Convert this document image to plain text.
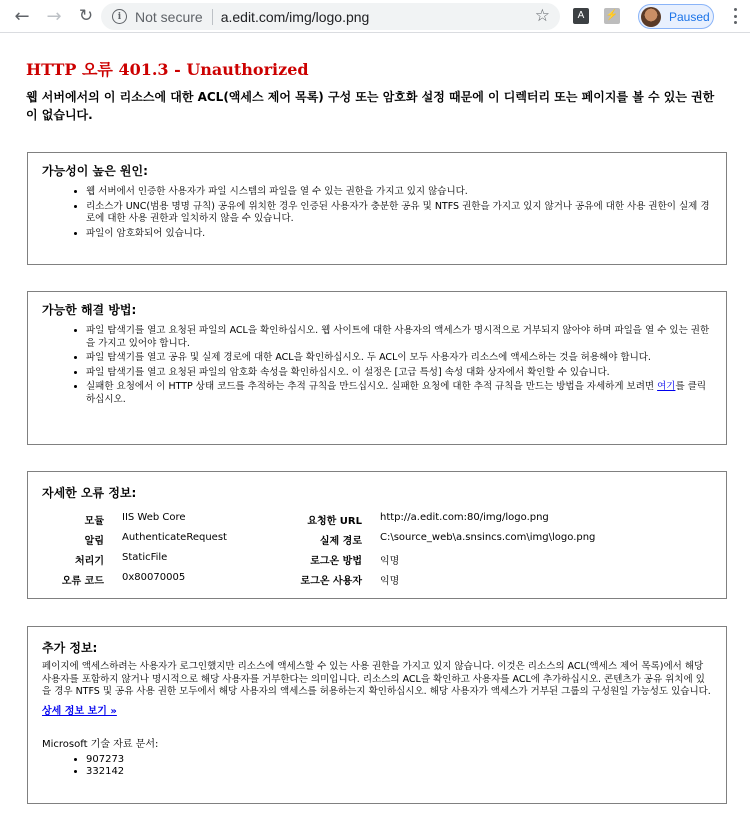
← →	↻	i Not secure a.edit.com/img/logo.png	☆	A	⚡	Paused
HTTP 오류 401.3 - Unauthorized

웹 서버에서의 이 리소스에 대한 ACL(액세스 제어 목록) 구성 또는 암호화 설정 때문에 이 디렉터리 또는 페이지를 볼 수 있는 권한이 없습니다.

가능성이 높은 원인:
• 웹 서버에서 인증한 사용자가 파일 시스템의 파일을 열 수 있는 권한을 가지고 있지 않습니다.
• 리소스가 UNC(범용 명명 규칙) 공유에 위치한 경우 인증된 사용자가 충분한 공유 및 NTFS 권한을 가지고 있지 않거나 공유에 대한 사용 권한이 실제 경로에 대한 사용 권한과 일치하지 않을 수 있습니다.
• 파일이 암호화되어 있습니다.
가능한 해결 방법:
• 파일 탐색기를 열고 요청된 파일의 ACL을 확인하십시오. 웹 사이트에 대한 사용자의 액세스가 명시적으로 거부되지 않아야 하며 파일을 열 수 있는 권한을 가지고 있어야 합니다.
• 파일 탐색기를 열고 공유 및 실제 경로에 대한 ACL을 확인하십시오. 두 ACL이 모두 사용자가 리소스에 액세스하는 것을 허용해야 합니다.
• 파일 탐색기를 열고 요청된 파일의 암호화 속성을 확인하십시오. 이 설정은 [고급 특성] 속성 대화 상자에서 확인할 수 있습니다.
• 실패한 요청에서 이 HTTP 상태 코드를 추적하는 추적 규칙을 만드십시오. 실패한 요청에 대한 추적 규칙을 만드는 방법을 자세하게 보려면 여기를 클릭하십시오.
자세한 오류 정보:
모듈	IIS Web Core	요청한 URL	http://a.edit.com:80/img/logo.png
알림	AuthenticateRequest	실제 경로	C:\source_web\a.snsincs.com\img\logo.png
처리기	StaticFile	로그온 방법	익명
오류 코드	0x80070005	로그온 사용자	익명
추가 정보:

페이지에 액세스하려는 사용자가 로그인했지만 리소스에 액세스할 수 있는 사용 권한을 가지고 있지 않습니다. 이것은 리소스의 ACL(액세스 제어 목록)에서 해당 사용자를 포함하지 않거나 명시적으로 해당 사용자를 거부한다는 의미입니다. 리소스의 ACL을 확인하고 사용자를 ACL에 추가하십시오. 콘텐츠가 공유 위치에 있을 경우 NTFS 및 공유 사용 권한 모두에서 해당 사용자의 액세스를 허용하는지 확인하십시오. 해당 사용자가 액세스가 거부된 그룹의 구성원일 가능성도 있습니다.

상세 정보 보기 »

Microsoft 기술 자료 문서:

• 907273
• 332142
